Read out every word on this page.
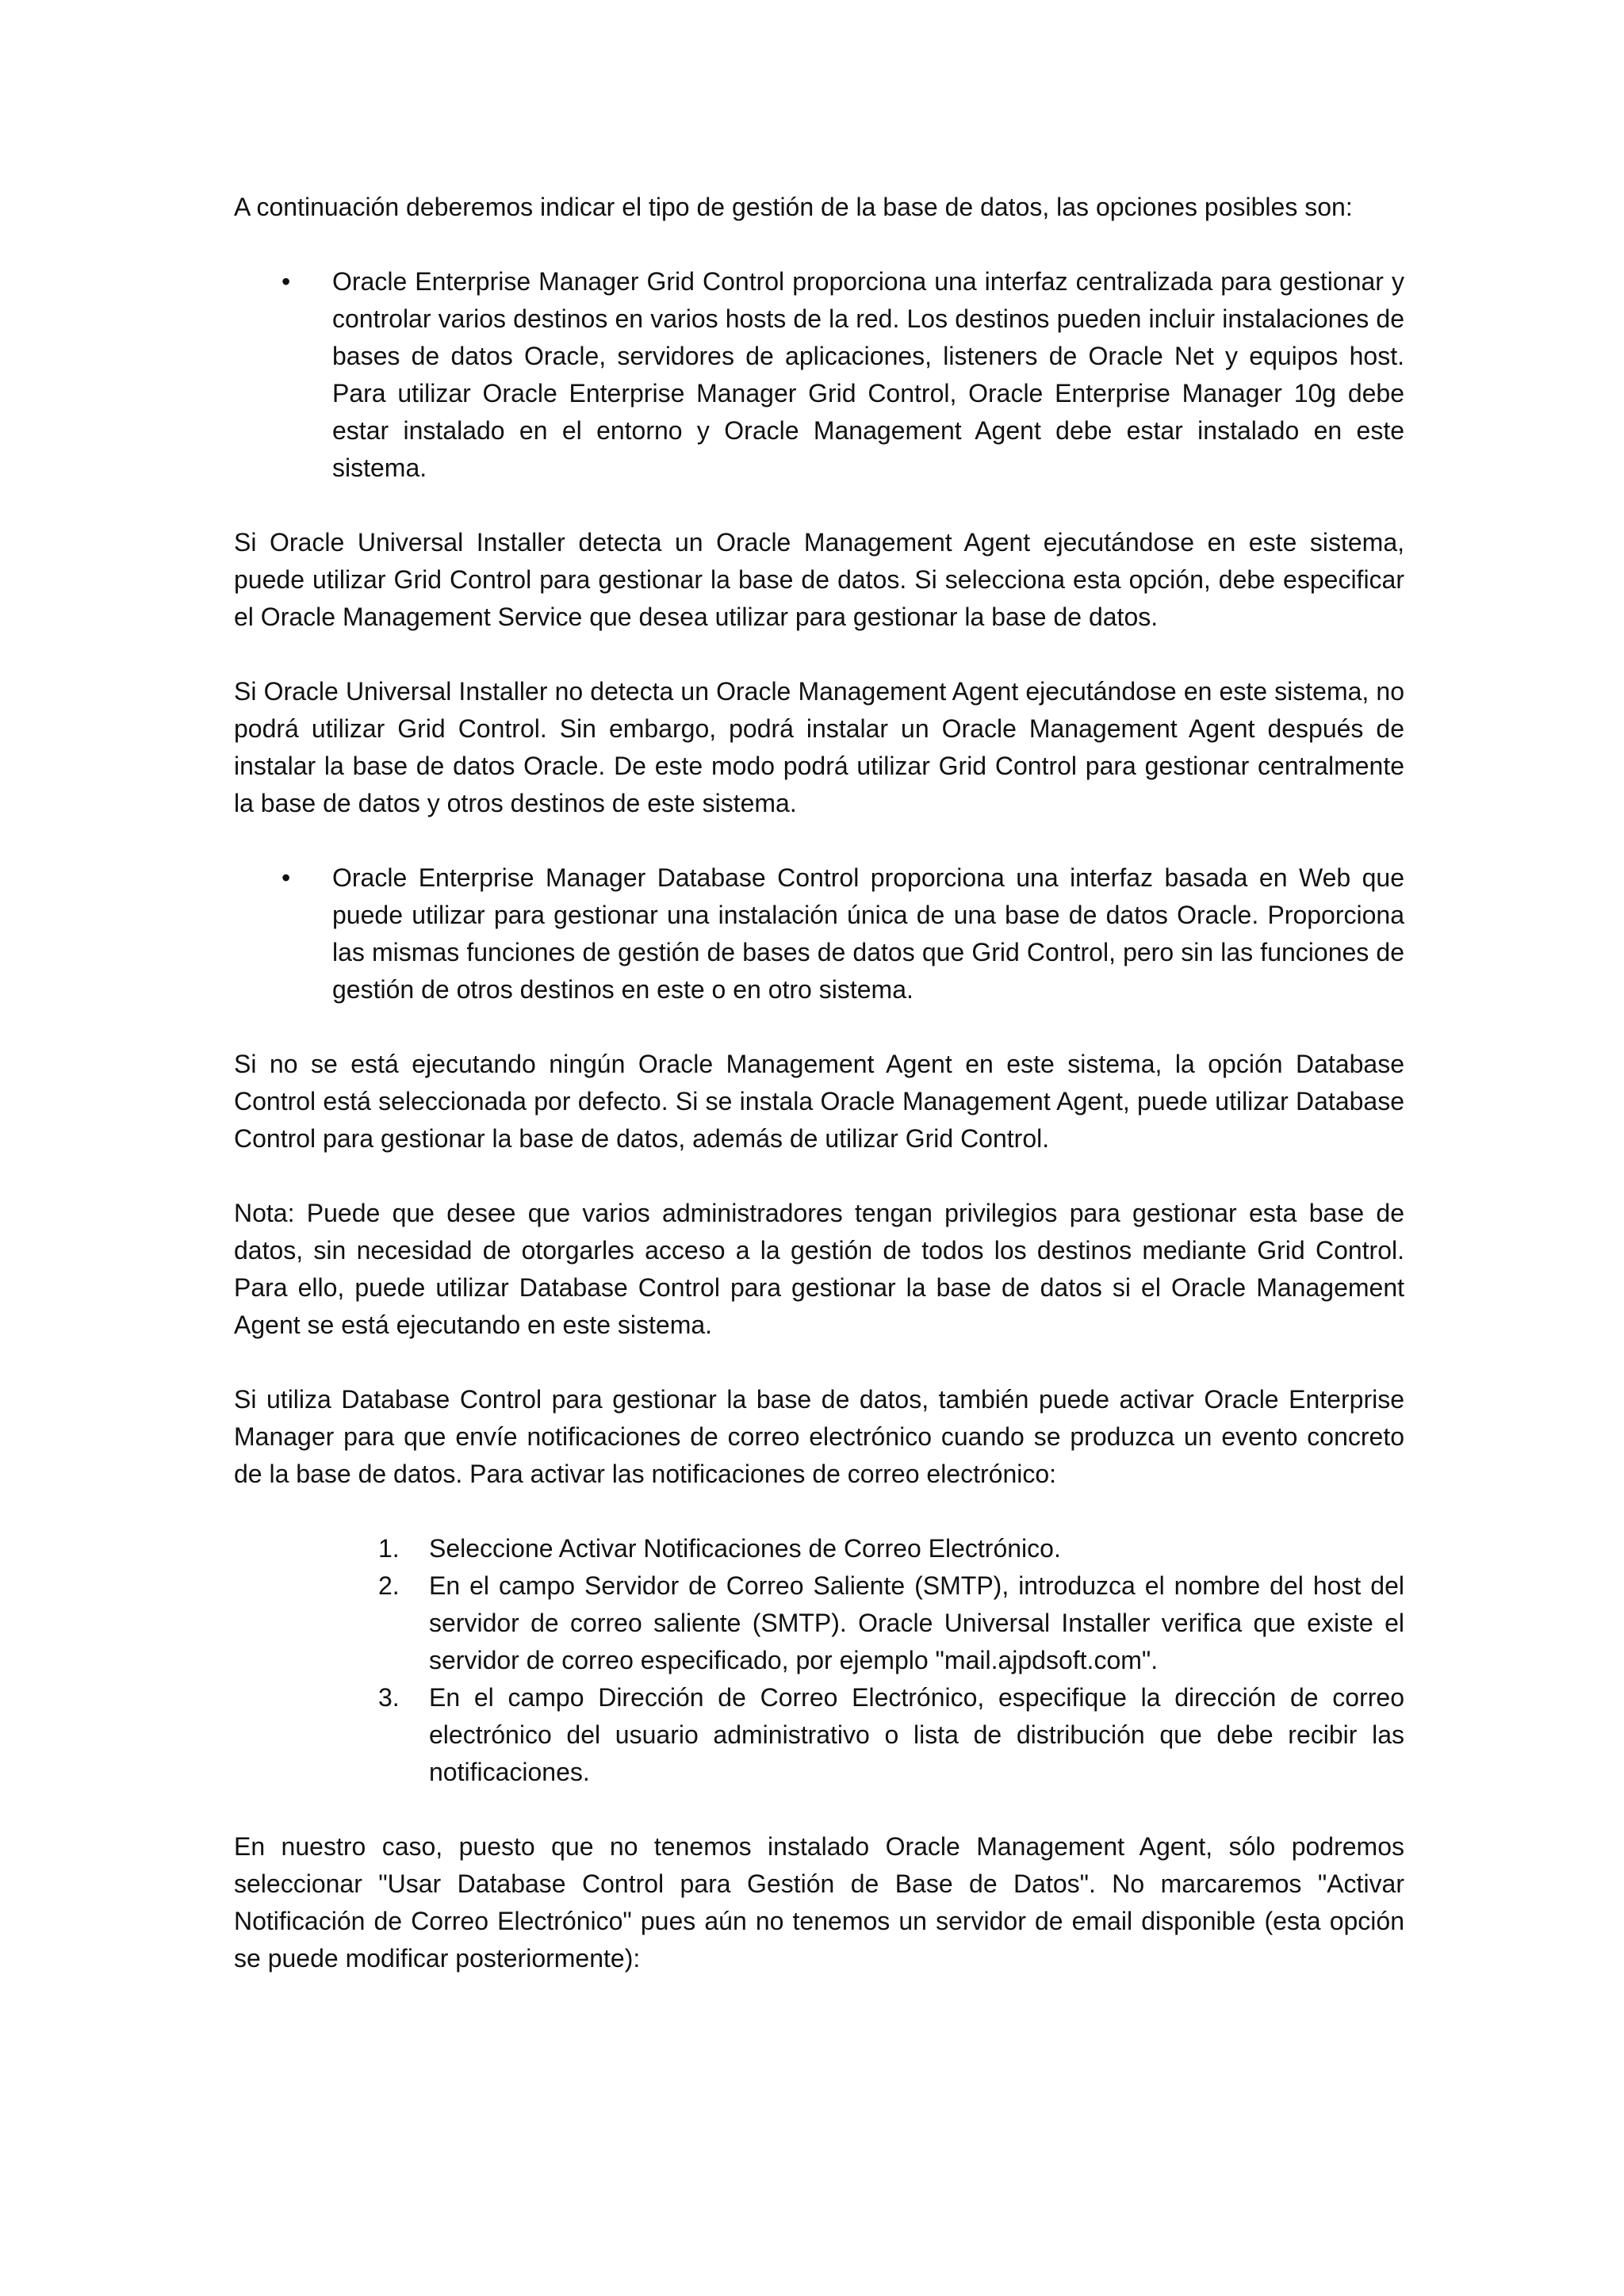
A continuación deberemos indicar el tipo de gestión de la base de datos, las opciones posibles son:

• Oracle Enterprise Manager Grid Control proporciona una interfaz centralizada para gestionar y controlar varios destinos en varios hosts de la red. Los destinos pueden incluir instalaciones de bases de datos Oracle, servidores de aplicaciones, listeners de Oracle Net y equipos host. Para utilizar Oracle Enterprise Manager Grid Control, Oracle Enterprise Manager 10g debe estar instalado en el entorno y Oracle Management Agent debe estar instalado en este sistema.

Si Oracle Universal Installer detecta un Oracle Management Agent ejecutándose en este sistema, puede utilizar Grid Control para gestionar la base de datos. Si selecciona esta opción, debe especificar el Oracle Management Service que desea utilizar para gestionar la base de datos.

Si Oracle Universal Installer no detecta un Oracle Management Agent ejecutándose en este sistema, no podrá utilizar Grid Control. Sin embargo, podrá instalar un Oracle Management Agent después de instalar la base de datos Oracle. De este modo podrá utilizar Grid Control para gestionar centralmente la base de datos y otros destinos de este sistema.

• Oracle Enterprise Manager Database Control proporciona una interfaz basada en Web que puede utilizar para gestionar una instalación única de una base de datos Oracle. Proporciona las mismas funciones de gestión de bases de datos que Grid Control, pero sin las funciones de gestión de otros destinos en este o en otro sistema.

Si no se está ejecutando ningún Oracle Management Agent en este sistema, la opción Database Control está seleccionada por defecto. Si se instala Oracle Management Agent, puede utilizar Database Control para gestionar la base de datos, además de utilizar Grid Control.

Nota: Puede que desee que varios administradores tengan privilegios para gestionar esta base de datos, sin necesidad de otorgarles acceso a la gestión de todos los destinos mediante Grid Control. Para ello, puede utilizar Database Control para gestionar la base de datos si el Oracle Management Agent se está ejecutando en este sistema.

Si utiliza Database Control para gestionar la base de datos, también puede activar Oracle Enterprise Manager para que envíe notificaciones de correo electrónico cuando se produzca un evento concreto de la base de datos. Para activar las notificaciones de correo electrónico:

1. Seleccione Activar Notificaciones de Correo Electrónico.
2. En el campo Servidor de Correo Saliente (SMTP), introduzca el nombre del host del servidor de correo saliente (SMTP). Oracle Universal Installer verifica que existe el servidor de correo especificado, por ejemplo "mail.ajpdsoft.com".
3. En el campo Dirección de Correo Electrónico, especifique la dirección de correo electrónico del usuario administrativo o lista de distribución que debe recibir las notificaciones.

En nuestro caso, puesto que no tenemos instalado Oracle Management Agent, sólo podremos seleccionar "Usar Database Control para Gestión de Base de Datos". No marcaremos "Activar Notificación de Correo Electrónico" pues aún no tenemos un servidor de email disponible (esta opción se puede modificar posteriormente):
